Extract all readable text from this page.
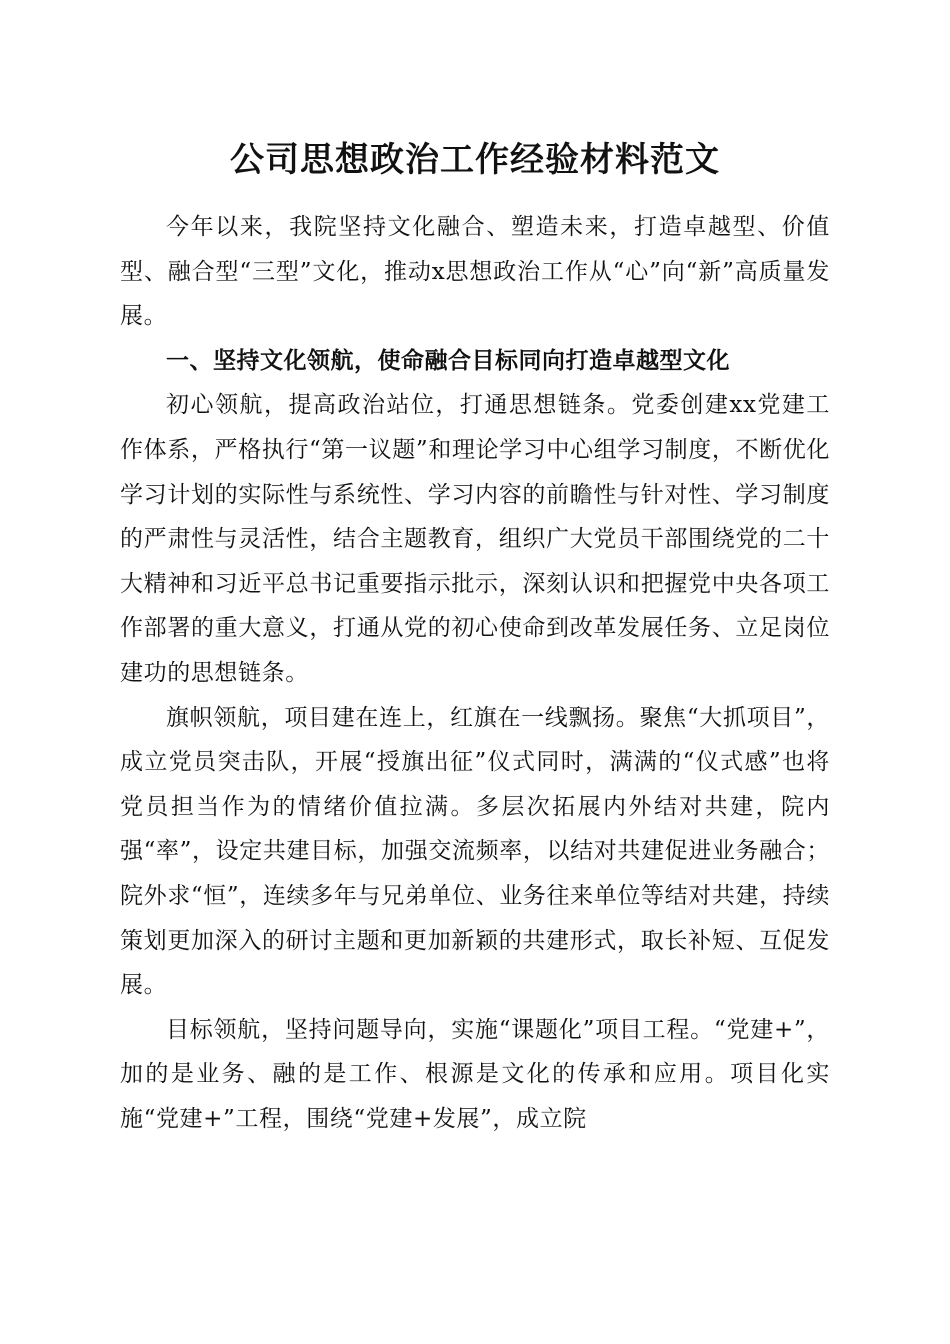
公司思想政治工作经验材料范文

今年以来，我院坚持文化融合、塑造未来，打造卓越型、价值型、融合型“三型”文化，推动x思想政治工作从“心”向“新”高质量发展。

一、坚持文化领航，使命融合目标同向打造卓越型文化

初心领航，提高政治站位，打通思想链条。党委创建xx党建工作体系，严格执行“第一议题”和理论学习中心组学习制度，不断优化学习计划的实际性与系统性、学习内容的前瞻性与针对性、学习制度的严肃性与灵活性，结合主题教育，组织广大党员干部围绕党的二十大精神和习近平总书记重要指示批示，深刻认识和把握党中央各项工作部署的重大意义，打通从党的初心使命到改革发展任务、立足岗位建功的思想链条。

旗帜领航，项目建在连上，红旗在一线飘扬。聚焦“大抓项目”，成立党员突击队，开展“授旗出征”仪式同时，满满的“仪式感”也将党员担当作为的情绪价值拉满。多层次拓展内外结对共建，院内强“率”，设定共建目标，加强交流频率，以结对共建促进业务融合；院外求“恒”，连续多年与兄弟单位、业务往来单位等结对共建，持续策划更加深入的研讨主题和更加新颖的共建形式，取长补短、互促发展。

目标领航，坚持问题导向，实施“课题化”项目工程。“党建+”，加的是业务、融的是工作、根源是文化的传承和应用。项目化实施“党建+”工程，围绕“党建+发展”，成立院
